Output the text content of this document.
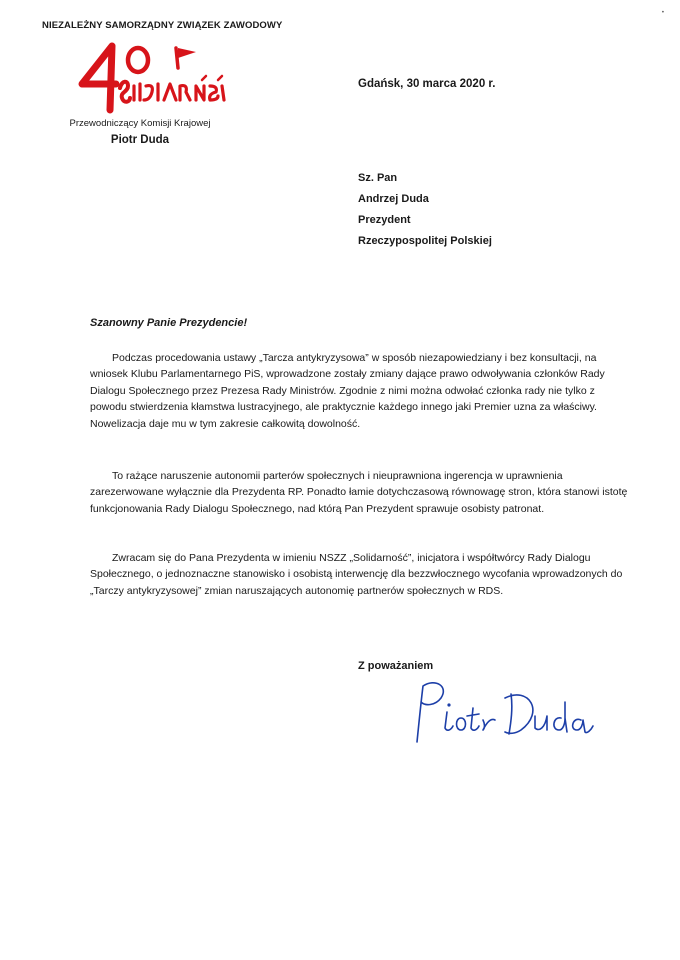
NIEZALEŻNY SAMORZĄDNY ZWIĄZEK ZAWODOWY
Przewodniczący Komisji Krajowej
Piotr Duda
Gdańsk, 30 marca 2020 r.
Sz. Pan
Andrzej Duda
Prezydent
Rzeczypospolitej Polskiej
Szanowny Panie Prezydencie!
Podczas procedowania ustawy „Tarcza antykryzysowa” w sposób niezapowiedziany i bez konsultacji, na wniosek Klubu Parlamentarnego PiS, wprowadzone zostały zmiany dające prawo odwoływania członków Rady Dialogu Społecznego przez Prezesa Rady Ministrów. Zgodnie z nimi można odwołać członka rady nie tylko z powodu stwierdzenia kłamstwa lustracyjnego, ale praktycznie każdego innego jaki Premier uzna za właściwy. Nowelizacja daje mu w tym zakresie całkowitą dowolność.
To rażące naruszenie autonomii parterów społecznych i nieuprawniona ingerencja w uprawnienia zarezerwowane wyłącznie dla Prezydenta RP. Ponadto łamie dotychczasową równowagę stron, która stanowi istotę funkcjonowania Rady Dialogu Społecznego, nad którą Pan Prezydent sprawuje osobisty patronat.
Zwracam się do Pana Prezydenta w imieniu NSZZ „Solidarność”, inicjatora i współtwórcy Rady Dialogu Społecznego, o jednoznaczne stanowisko i osobistą interwencję dla bezzwłocznego wycofania wprowadzonych do „Tarczy antykryzysowej” zmian naruszających autonomię partnerów społecznych w RDS.
Z poważaniem
•
